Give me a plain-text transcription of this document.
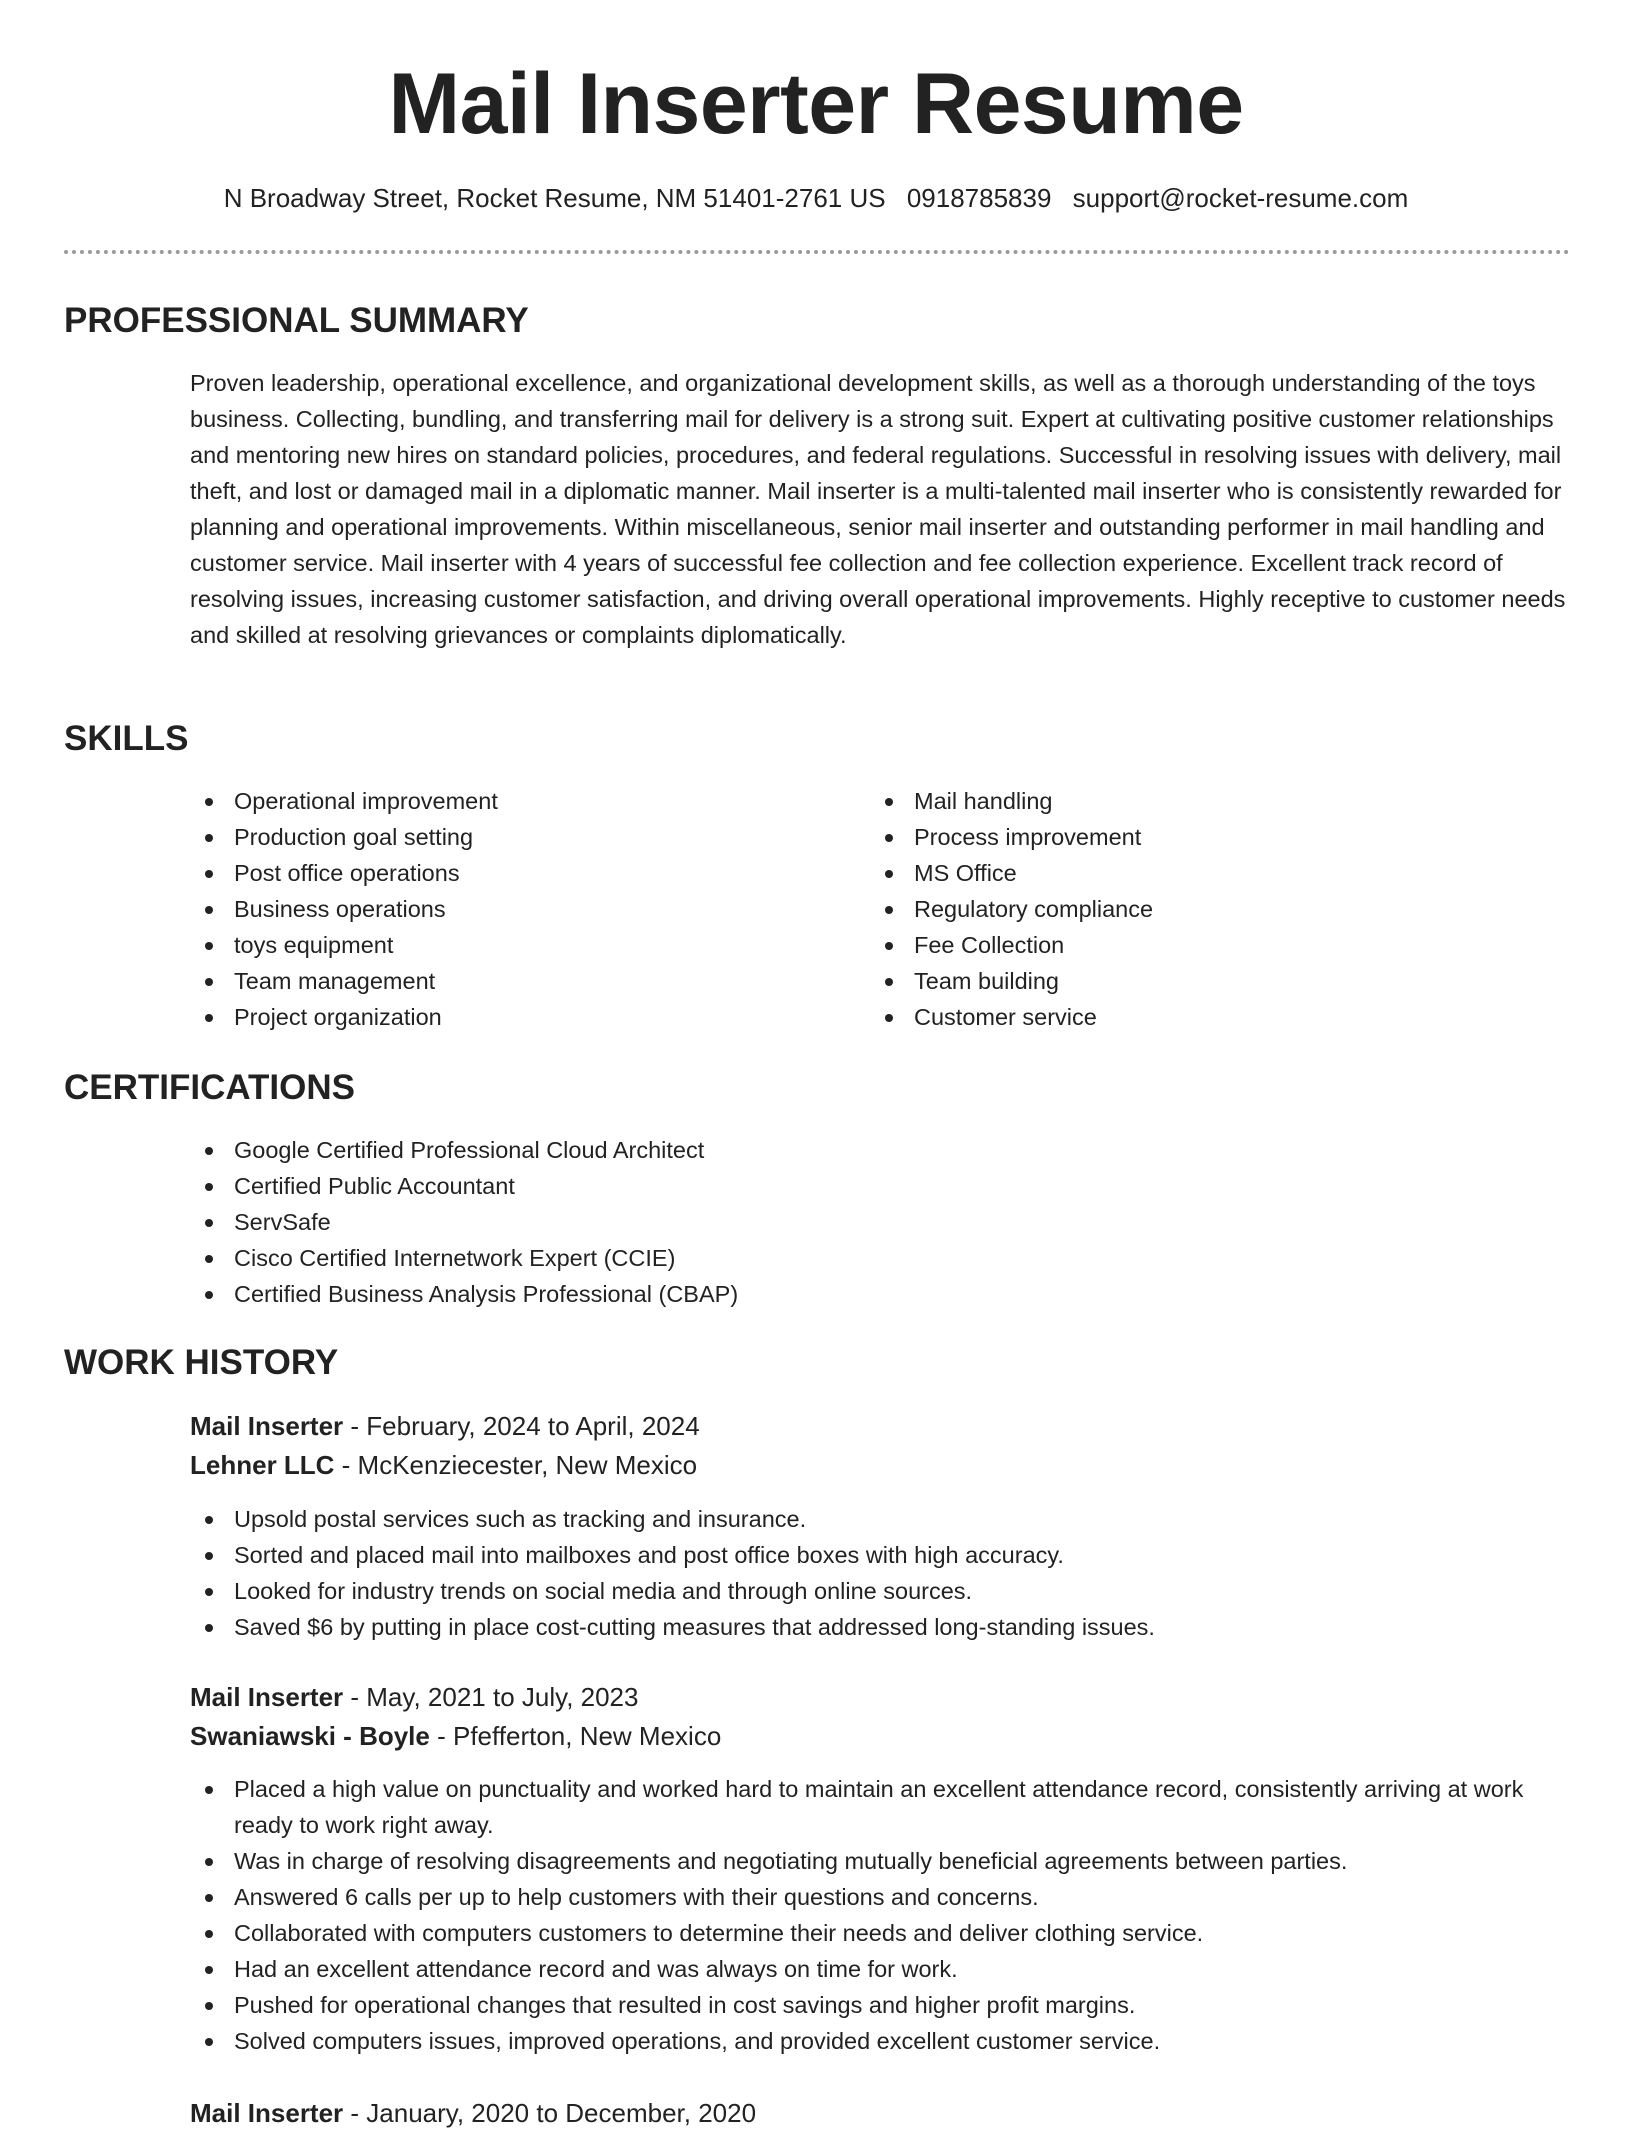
Mail Inserter Resume
N Broadway Street, Rocket Resume, NM 51401-2761 US 0918785839 support@rocket-resume.com
PROFESSIONAL SUMMARY

Proven leadership, operational excellence, and organizational development skills, as well as a thorough understanding of the toys business. Collecting, bundling, and transferring mail for delivery is a strong suit. Expert at cultivating positive customer relationships and mentoring new hires on standard policies, procedures, and federal regulations. Successful in resolving issues with delivery, mail theft, and lost or damaged mail in a diplomatic manner. Mail inserter is a multi-talented mail inserter who is consistently rewarded for planning and operational improvements. Within miscellaneous, senior mail inserter and outstanding performer in mail handling and customer service. Mail inserter with 4 years of successful fee collection and fee collection experience. Excellent track record of resolving issues, increasing customer satisfaction, and driving overall operational improvements. Highly receptive to customer needs and skilled at resolving grievances or complaints diplomatically.

SKILLS
Operational improvement
Production goal setting
Post office operations
Business operations
toys equipment
Team management
Project organization
Mail handling
Process improvement
MS Office
Regulatory compliance
Fee Collection
Team building
Customer service
CERTIFICATIONS
Google Certified Professional Cloud Architect
Certified Public Accountant
ServSafe
Cisco Certified Internetwork Expert (CCIE)
Certified Business Analysis Professional (CBAP)
WORK HISTORY
Mail Inserter - February, 2024 to April, 2024
Lehner LLC - McKenziecester, New Mexico
Upsold postal services such as tracking and insurance.
Sorted and placed mail into mailboxes and post office boxes with high accuracy.
Looked for industry trends on social media and through online sources.
Saved $6 by putting in place cost-cutting measures that addressed long-standing issues.
Mail Inserter - May, 2021 to July, 2023
Swaniawski - Boyle - Pfefferton, New Mexico
Placed a high value on punctuality and worked hard to maintain an excellent attendance record, consistently arriving at work ready to work right away.
Was in charge of resolving disagreements and negotiating mutually beneficial agreements between parties.
Answered 6 calls per up to help customers with their questions and concerns.
Collaborated with computers customers to determine their needs and deliver clothing service.
Had an excellent attendance record and was always on time for work.
Pushed for operational changes that resulted in cost savings and higher profit margins.
Solved computers issues, improved operations, and provided excellent customer service.
Mail Inserter - January, 2020 to December, 2020
